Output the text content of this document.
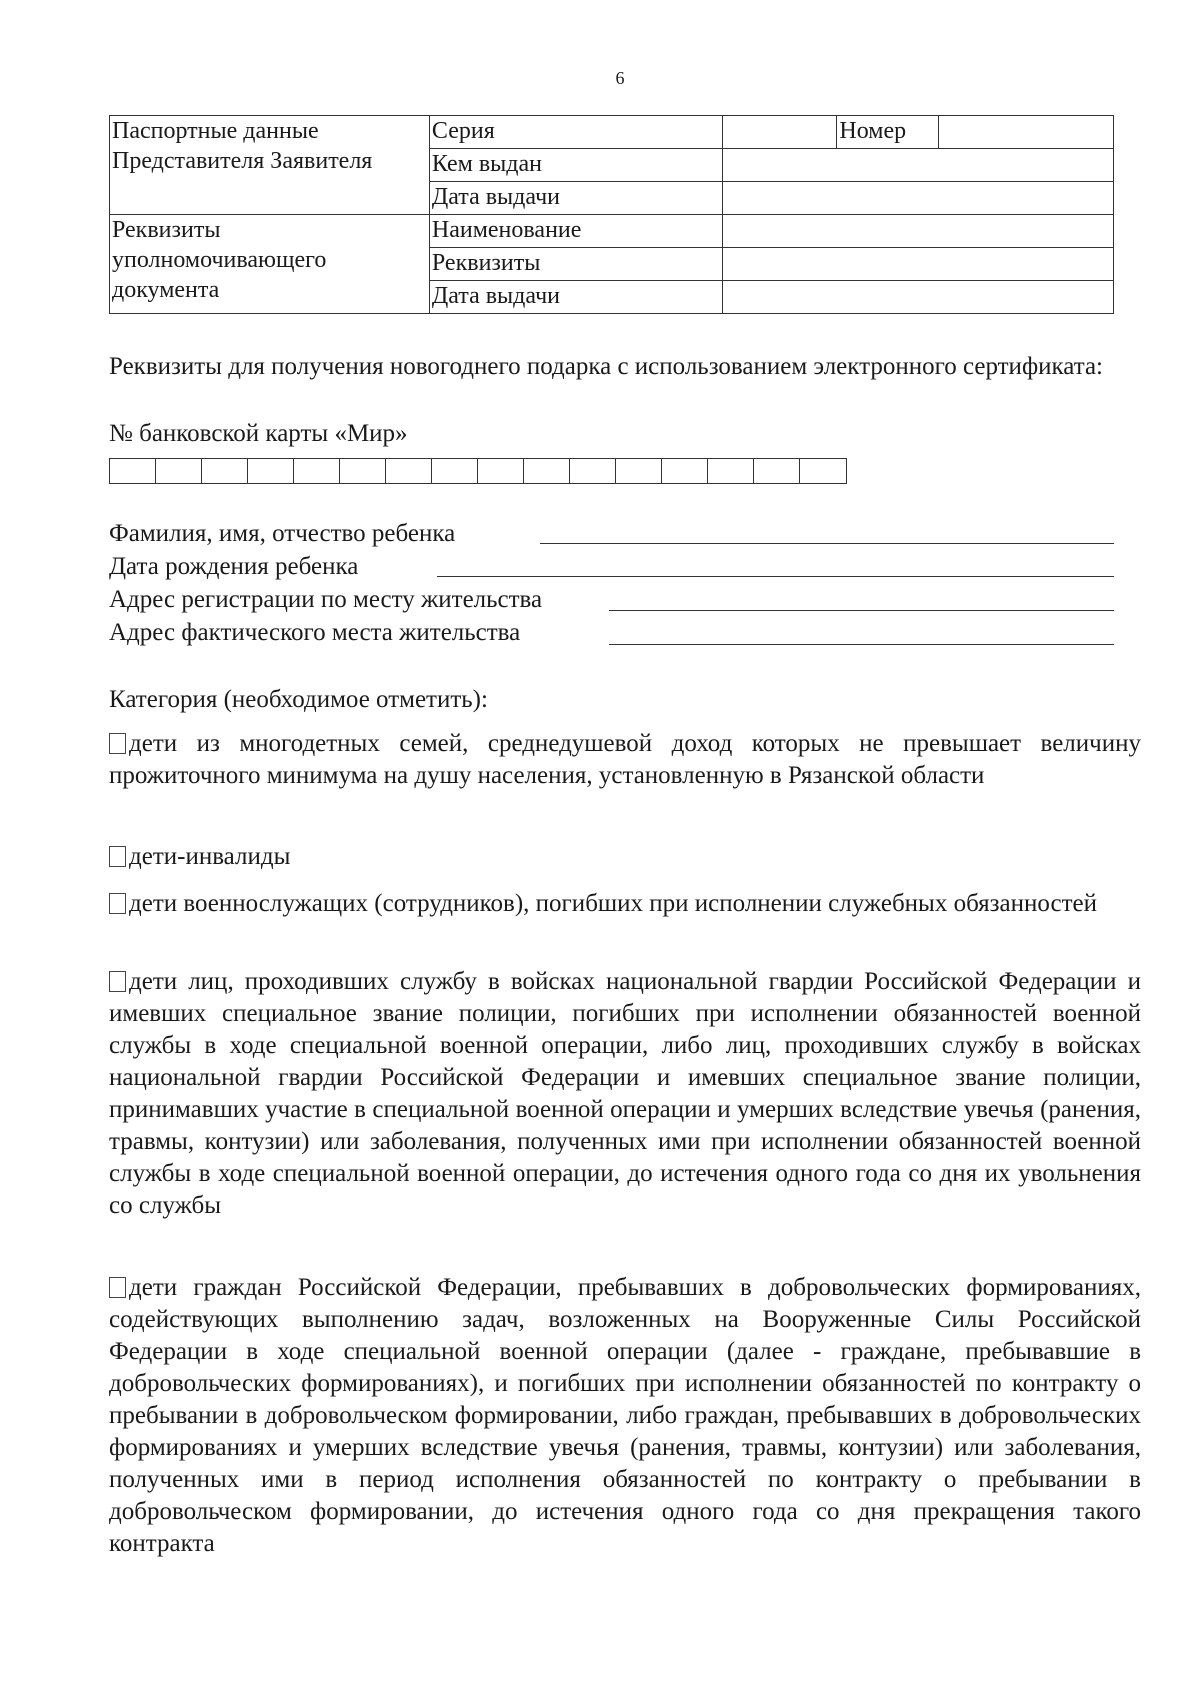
6
Паспортные данные
Представителя Заявителя	Серия		Номер	
	Кем выдан			
	Дата выдачи			

Реквизиты
уполномочивающего
документа	Наименование			
	Реквизиты			
	Дата выдачи			
Реквизиты для получения новогоднего подарка с использованием электронного сертификата:
№ банковской карты «Мир»
Фамилия, имя, отчество ребенка
Дата рождения ребенка
Адрес регистрации по месту жительства
Адрес фактического места жительства
Категория (необходимое отметить):
дети из многодетных семей, среднедушевой доход которых не превышает величину прожиточного минимума на душу населения, установленную в Рязанской области
дети-инвалиды
дети военнослужащих (сотрудников), погибших при исполнении служебных обязанностей
дети лиц, проходивших службу в войсках национальной гвардии Российской Федерации и имевших специальное звание полиции, погибших при исполнении обязанностей военной службы в ходе специальной военной операции, либо лиц, проходивших службу в войсках национальной гвардии Российской Федерации и имевших специальное звание полиции, принимавших участие в специальной военной операции и умерших вследствие увечья (ранения, травмы, контузии) или заболевания, полученных ими при исполнении обязанностей военной службы в ходе специальной военной операции, до истечения одного года со дня их увольнения со службы
дети граждан Российской Федерации, пребывавших в добровольческих формированиях, содействующих выполнению задач, возложенных на Вооруженные Силы Российской Федерации в ходе специальной военной операции (далее - граждане, пребывавшие в добровольческих формированиях), и погибших при исполнении обязанностей по контракту о пребывании в добровольческом формировании, либо граждан, пребывавших в добровольческих формированиях и умерших вследствие увечья (ранения, травмы, контузии) или заболевания, полученных ими в период исполнения обязанностей по контракту о пребывании в добровольческом формировании, до истечения одного года со дня прекращения такого контракта
